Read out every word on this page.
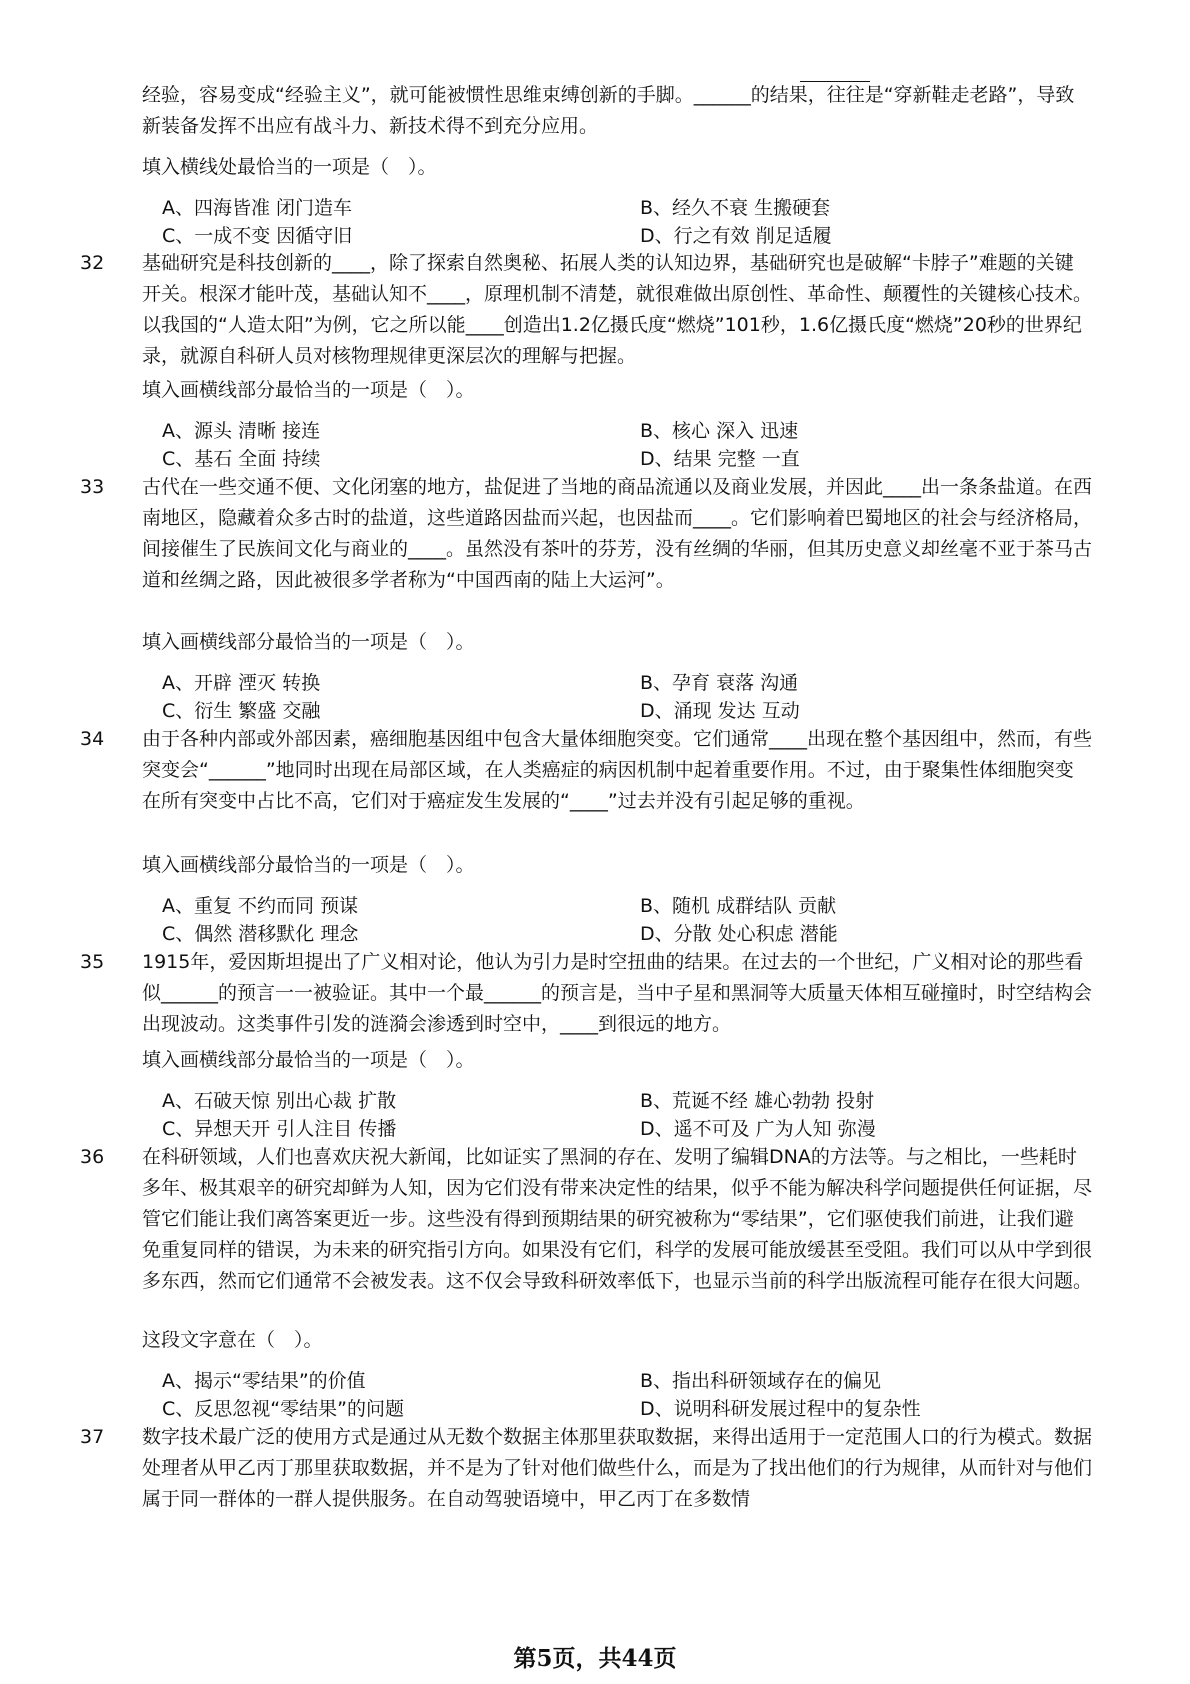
经验，容易变成“经验主义”，就可能被惯性思维束缚创新的手脚。______的结果，往往是“穿新鞋走老路”，导致新装备发挥不出应有战斗力、新技术得不到充分应用。

填入横线处最恰当的一项是（　）。
A、四海皆准 闭门造车	B、经久不衰 生搬硬套
C、一成不变 因循守旧	D、行之有效 削足适履
32 基础研究是科技创新的____，除了探索自然奥秘、拓展人类的认知边界，基础研究也是破解“卡脖子”难题的关键开关。根深才能叶茂，基础认知不____，原理机制不清楚，就很难做出原创性、革命性、颠覆性的关键核心技术。以我国的“人造太阳”为例，它之所以能____创造出1.2亿摄氏度“燃烧”101秒，1.6亿摄氏度“燃烧”20秒的世界纪录，就源自科研人员对核物理规律更深层次的理解与把握。

填入画横线部分最恰当的一项是（　）。
A、源头 清晰 接连	B、核心 深入 迅速
C、基石 全面 持续	D、结果 完整 一直
33 古代在一些交通不便、文化闭塞的地方，盐促进了当地的商品流通以及商业发展，并因此____出一条条盐道。在西南地区，隐藏着众多古时的盐道，这些道路因盐而兴起，也因盐而____。它们影响着巴蜀地区的社会与经济格局，间接催生了民族间文化与商业的____。虽然没有茶叶的芬芳，没有丝绸的华丽，但其历史意义却丝毫不亚于茶马古道和丝绸之路，因此被很多学者称为“中国西南的陆上大运河”。

填入画横线部分最恰当的一项是（　）。
A、开辟 湮灭 转换	B、孕育 衰落 沟通
C、衍生 繁盛 交融	D、涌现 发达 互动
34 由于各种内部或外部因素，癌细胞基因组中包含大量体细胞突变。它们通常____出现在整个基因组中，然而，有些突变会“______”地同时出现在局部区域，在人类癌症的病因机制中起着重要作用。不过，由于聚集性体细胞突变在所有突变中占比不高，它们对于癌症发生发展的“____”过去并没有引起足够的重视。

填入画横线部分最恰当的一项是（　）。
A、重复 不约而同 预谋	B、随机 成群结队 贡献
C、偶然 潜移默化 理念	D、分散 处心积虑 潜能
35 1915年，爱因斯坦提出了广义相对论，他认为引力是时空扭曲的结果。在过去的一个世纪，广义相对论的那些看似______的预言一一被验证。其中一个最______的预言是，当中子星和黑洞等大质量天体相互碰撞时，时空结构会出现波动。这类事件引发的涟漪会渗透到时空中，____到很远的地方。

填入画横线部分最恰当的一项是（　）。
A、石破天惊 别出心裁 扩散	B、荒诞不经 雄心勃勃 投射
C、异想天开 引人注目 传播	D、遥不可及 广为人知 弥漫
36 在科研领域，人们也喜欢庆祝大新闻，比如证实了黑洞的存在、发明了编辑DNA的方法等。与之相比，一些耗时多年、极其艰辛的研究却鲜为人知，因为它们没有带来决定性的结果，似乎不能为解决科学问题提供任何证据，尽管它们能让我们离答案更近一步。这些没有得到预期结果的研究被称为“零结果”，它们驱使我们前进，让我们避免重复同样的错误，为未来的研究指引方向。如果没有它们，科学的发展可能放缓甚至受阻。我们可以从中学到很多东西，然而它们通常不会被发表。这不仅会导致科研效率低下，也显示当前的科学出版流程可能存在很大问题。

这段文字意在（　）。
A、揭示“零结果”的价值	B、指出科研领域存在的偏见
C、反思忽视“零结果”的问题	D、说明科研发展过程中的复杂性
37 数字技术最广泛的使用方式是通过从无数个数据主体那里获取数据，来得出适用于一定范围人口的行为模式。数据处理者从甲乙丙丁那里获取数据，并不是为了针对他们做些什么，而是为了找出他们的行为规律，从而针对与他们属于同一群体的一群人提供服务。在自动驾驶语境中，甲乙丙丁在多数情

第5页，共44页
